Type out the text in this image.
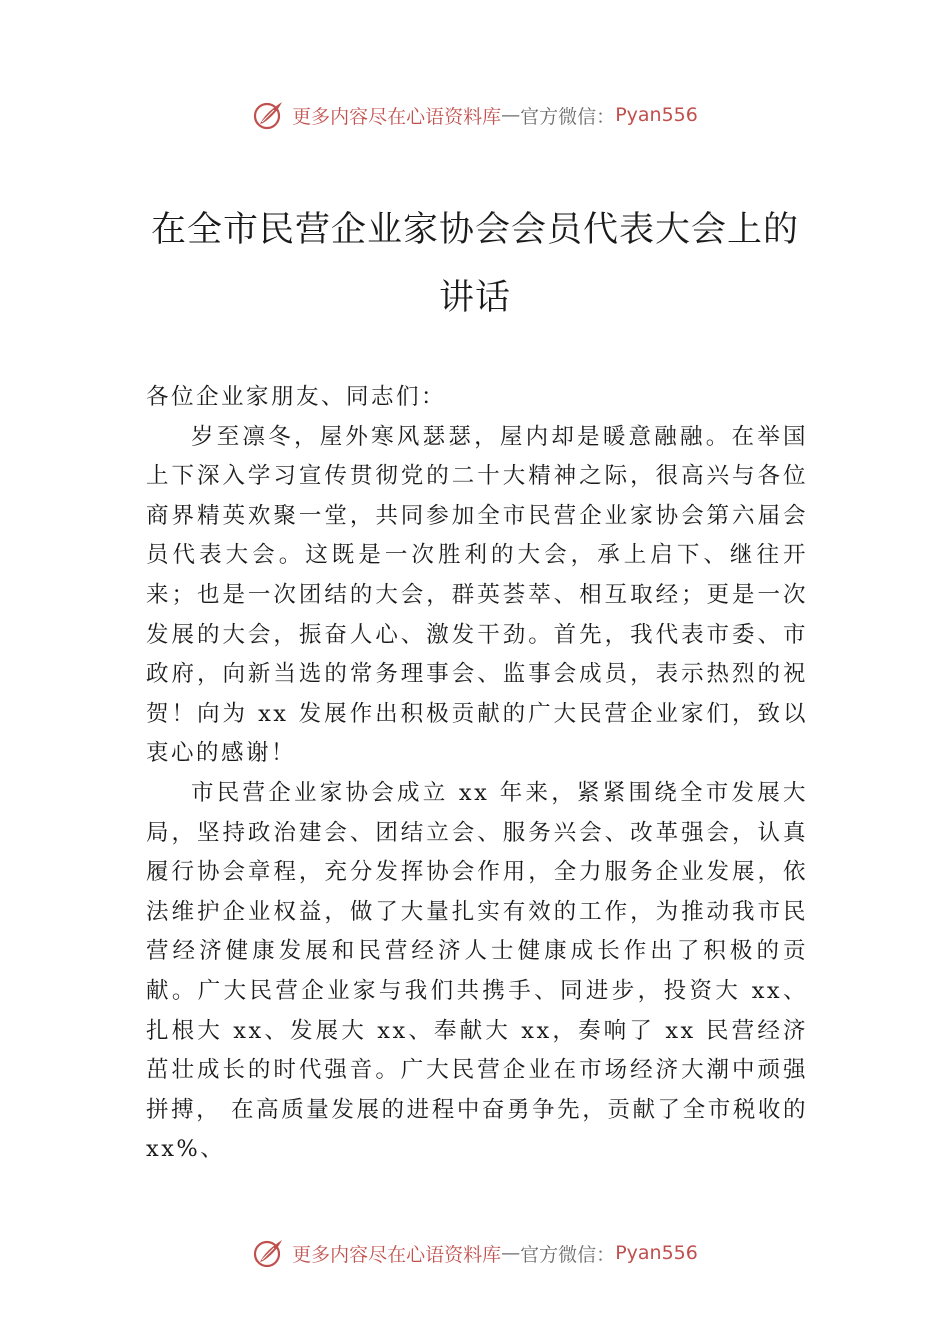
更多内容尽在心语资料库 — 官方微信： Pyan556
在全市民营企业家协会会员代表大会上的
讲话

各位企业家朋友、同志们：

岁至凛冬，屋外寒风瑟瑟，屋内却是暖意融融。在举国上下深入学习宣传贯彻党的二十大精神之际，很高兴与各位商界精英欢聚一堂，共同参加全市民营企业家协会第六届会员代表大会。这既是一次胜利的大会，承上启下、继往开来；也是一次团结的大会，群英荟萃、相互取经；更是一次发展的大会，振奋人心、激发干劲。首先，我代表市委、市政府，向新当选的常务理事会、监事会成员，表示热烈的祝贺！向为 xx 发展作出积极贡献的广大民营企业家们，致以衷心的感谢！

市民营企业家协会成立 xx 年来，紧紧围绕全市发展大局，坚持政治建会、团结立会、服务兴会、改革强会，认真履行协会章程，充分发挥协会作用，全力服务企业发展，依法维护企业权益，做了大量扎实有效的工作，为推动我市民营经济健康发展和民营经济人士健康成长作出了积极的贡献。广大民营企业家与我们共携手、同进步，投资大 xx、扎根大 xx、发展大 xx、奉献大 xx，奏响了 xx 民营经济茁壮成长的时代强音。广大民营企业在市场经济大潮中顽强拼搏， 在高质量发展的进程中奋勇争先，贡献了全市税收的 xx%、

更多内容尽在心语资料库 — 官方微信： Pyan556
